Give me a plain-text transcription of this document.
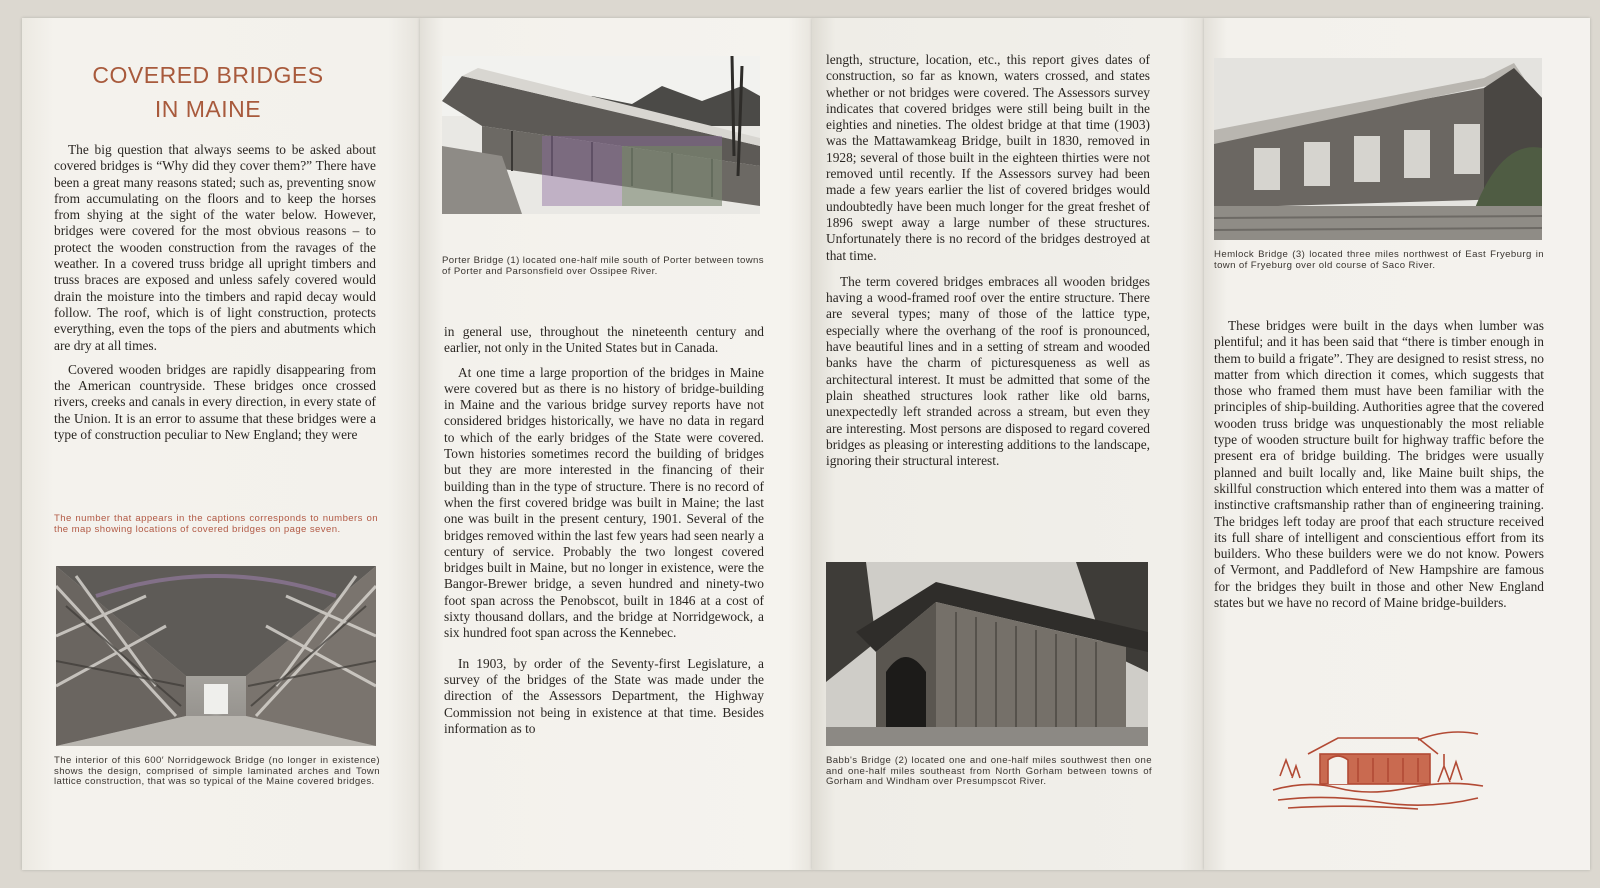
COVERED BRIDGES

IN MAINE

The big question that always seems to be asked about covered bridges is “Why did they cover them?” There have been a great many reasons stated; such as, preventing snow from accumulating on the floors and to keep the horses from shying at the sight of the water below. However, bridges were covered for the most obvious reasons – to protect the wooden construction from the ravages of the weather. In a covered truss bridge all upright timbers and truss braces are exposed and unless safely covered would drain the moisture into the timbers and rapid decay would follow. The roof, which is of light construction, protects everything, even the tops of the piers and abutments which are dry at all times.

Covered wooden bridges are rapidly disappearing from the American countryside. These bridges once crossed rivers, creeks and canals in every direction, in every state of the Union. It is an error to assume that these bridges were a type of construction peculiar to New England; they were

The number that appears in the captions corresponds to numbers on the map showing locations of covered bridges on page seven.

The interior of this 600′ Norridgewock Bridge (no longer in existence) shows the design, comprised of simple laminated arches and Town lattice construction, that was so typical of the Maine covered bridges.

Porter Bridge (1) located one-half mile south of Porter between towns of Porter and Parsonsfield over Ossipee River.

in general use, throughout the nineteenth century and earlier, not only in the United States but in Canada.

At one time a large proportion of the bridges in Maine were covered but as there is no history of bridge-building in Maine and the various bridge survey reports have not considered bridges historically, we have no data in regard to which of the early bridges of the State were covered. Town histories sometimes record the building of bridges but they are more interested in the financing of their building than in the type of structure. There is no record of when the first covered bridge was built in Maine; the last one was built in the present century, 1901. Several of the bridges removed within the last few years had seen nearly a century of service. Probably the two longest covered bridges built in Maine, but no longer in existence, were the Bangor-Brewer bridge, a seven hundred and ninety-two foot span across the Penobscot, built in 1846 at a cost of sixty thousand dollars, and the bridge at Norridgewock, a six hundred foot span across the Kennebec.

In 1903, by order of the Seventy-first Legislature, a survey of the bridges of the State was made under the direction of the Assessors Department, the Highway Commission not being in existence at that time. Besides information as to

length, structure, location, etc., this report gives dates of construction, so far as known, waters crossed, and states whether or not bridges were covered. The Assessors survey indicates that covered bridges were still being built in the eighties and nineties. The oldest bridge at that time (1903) was the Mattawamkeag Bridge, built in 1830, removed in 1928; several of those built in the eighteen thirties were not removed until recently. If the Assessors survey had been made a few years earlier the list of covered bridges would undoubtedly have been much longer for the great freshet of 1896 swept away a large number of these structures. Unfortunately there is no record of the bridges destroyed at that time.

The term covered bridges embraces all wooden bridges having a wood-framed roof over the entire structure. There are several types; many of those of the lattice type, especially where the overhang of the roof is pronounced, have beautiful lines and in a setting of stream and wooded banks have the charm of picturesqueness as well as architectural interest. It must be admitted that some of the plain sheathed structures look rather like old barns, unexpectedly left stranded across a stream, but even they are interesting. Most persons are disposed to regard covered bridges as pleasing or interesting additions to the landscape, ignoring their structural interest.

Babb's Bridge (2) located one and one-half miles southwest then one and one-half miles southeast from North Gorham between towns of Gorham and Windham over Presumpscot River.

Hemlock Bridge (3) located three miles northwest of East Fryeburg in town of Fryeburg over old course of Saco River.

These bridges were built in the days when lumber was plentiful; and it has been said that “there is timber enough in them to build a frigate”. They are designed to resist stress, no matter from which direction it comes, which suggests that those who framed them must have been familiar with the principles of ship-building. Authorities agree that the covered wooden truss bridge was unquestionably the most reliable type of wooden structure built for highway traffic before the present era of bridge building. The bridges were usually planned and built locally and, like Maine built ships, the skillful construction which entered into them was a matter of instinctive craftsmanship rather than of engineering training. The bridges left today are proof that each structure received its full share of intelligent and conscientious effort from its builders. Who these builders were we do not know. Powers of Vermont, and Paddleford of New Hampshire are famous for the bridges they built in those and other New England states but we have no record of Maine bridge-builders.
